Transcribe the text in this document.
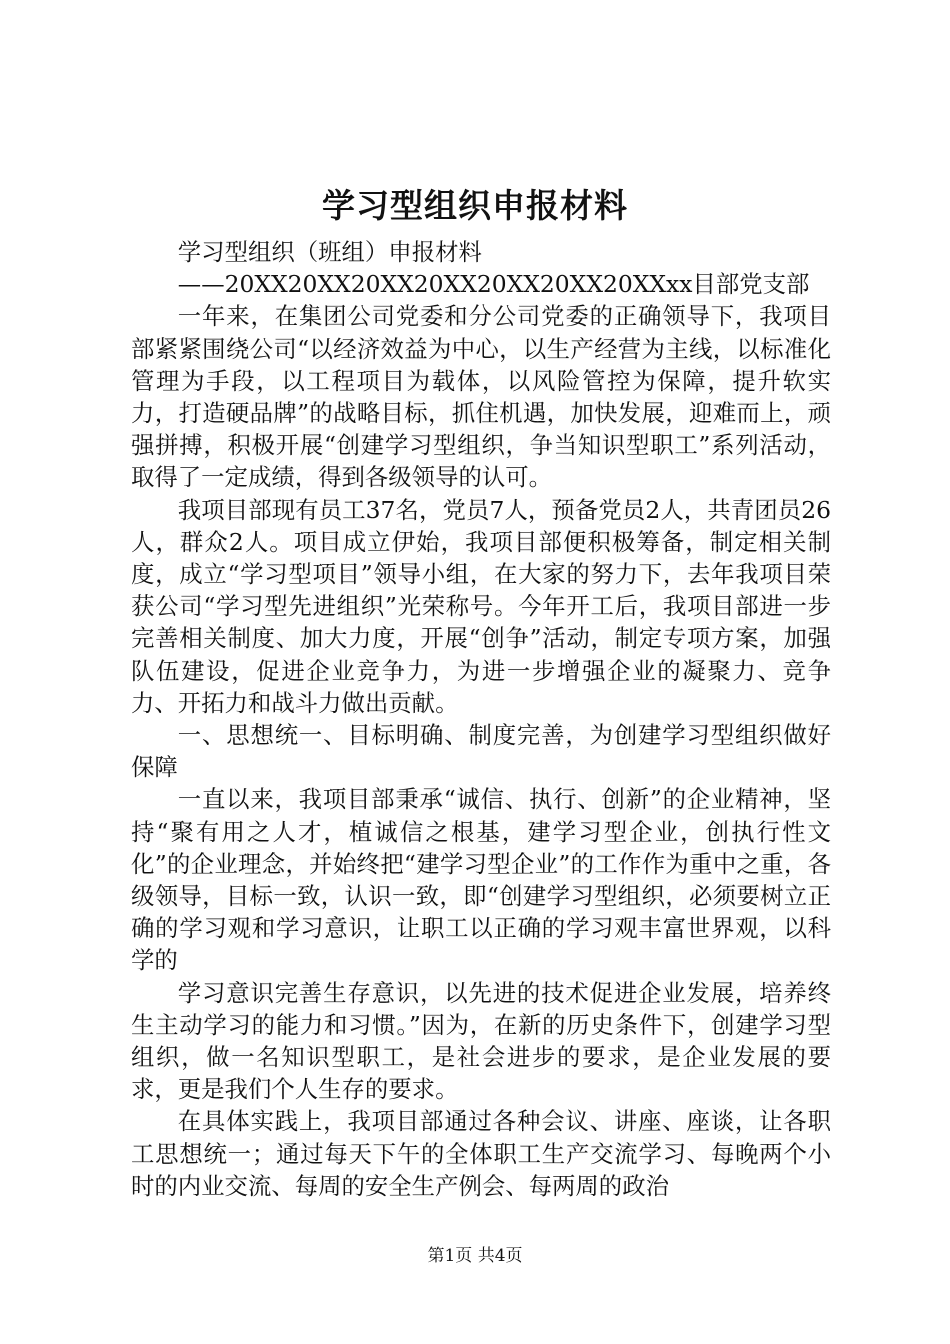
学习型组织申报材料

学习型组织（班组）申报材料

——20XX20XX20XX20XX20XX20XX20XXxx目部党支部

一年来，在集团公司党委和分公司党委的正确领导下，我项目部紧紧围绕公司“以经济效益为中心，以生产经营为主线，以标准化管理为手段，以工程项目为载体，以风险管控为保障，提升软实力，打造硬品牌”的战略目标，抓住机遇，加快发展，迎难而上，顽强拼搏，积极开展“创建学习型组织，争当知识型职工”系列活动，取得了一定成绩，得到各级领导的认可。

我项目部现有员工37名，党员7人，预备党员2人，共青团员26人，群众2人。项目成立伊始，我项目部便积极筹备，制定相关制度，成立“学习型项目”领导小组，在大家的努力下，去年我项目荣获公司“学习型先进组织”光荣称号。今年开工后，我项目部进一步完善相关制度、加大力度，开展“创争”活动，制定专项方案，加强队伍建设，促进企业竞争力，为进一步增强企业的凝聚力、竞争力、开拓力和战斗力做出贡献。

一、思想统一、目标明确、制度完善，为创建学习型组织做好保障

一直以来，我项目部秉承“诚信、执行、创新”的企业精神，坚持“聚有用之人才，植诚信之根基，建学习型企业，创执行性文化”的企业理念，并始终把“建学习型企业”的工作作为重中之重，各级领导，目标一致，认识一致，即“创建学习型组织，必须要树立正确的学习观和学习意识，让职工以正确的学习观丰富世界观，以科学的

学习意识完善生存意识，以先进的技术促进企业发展，培养终生主动学习的能力和习惯。”因为，在新的历史条件下，创建学习型组织，做一名知识型职工，是社会进步的要求，是企业发展的要求，更是我们个人生存的要求。

在具体实践上，我项目部通过各种会议、讲座、座谈，让各职工思想统一；通过每天下午的全体职工生产交流学习、每晚两个小时的内业交流、每周的安全生产例会、每两周的政治

第1页 共4页
